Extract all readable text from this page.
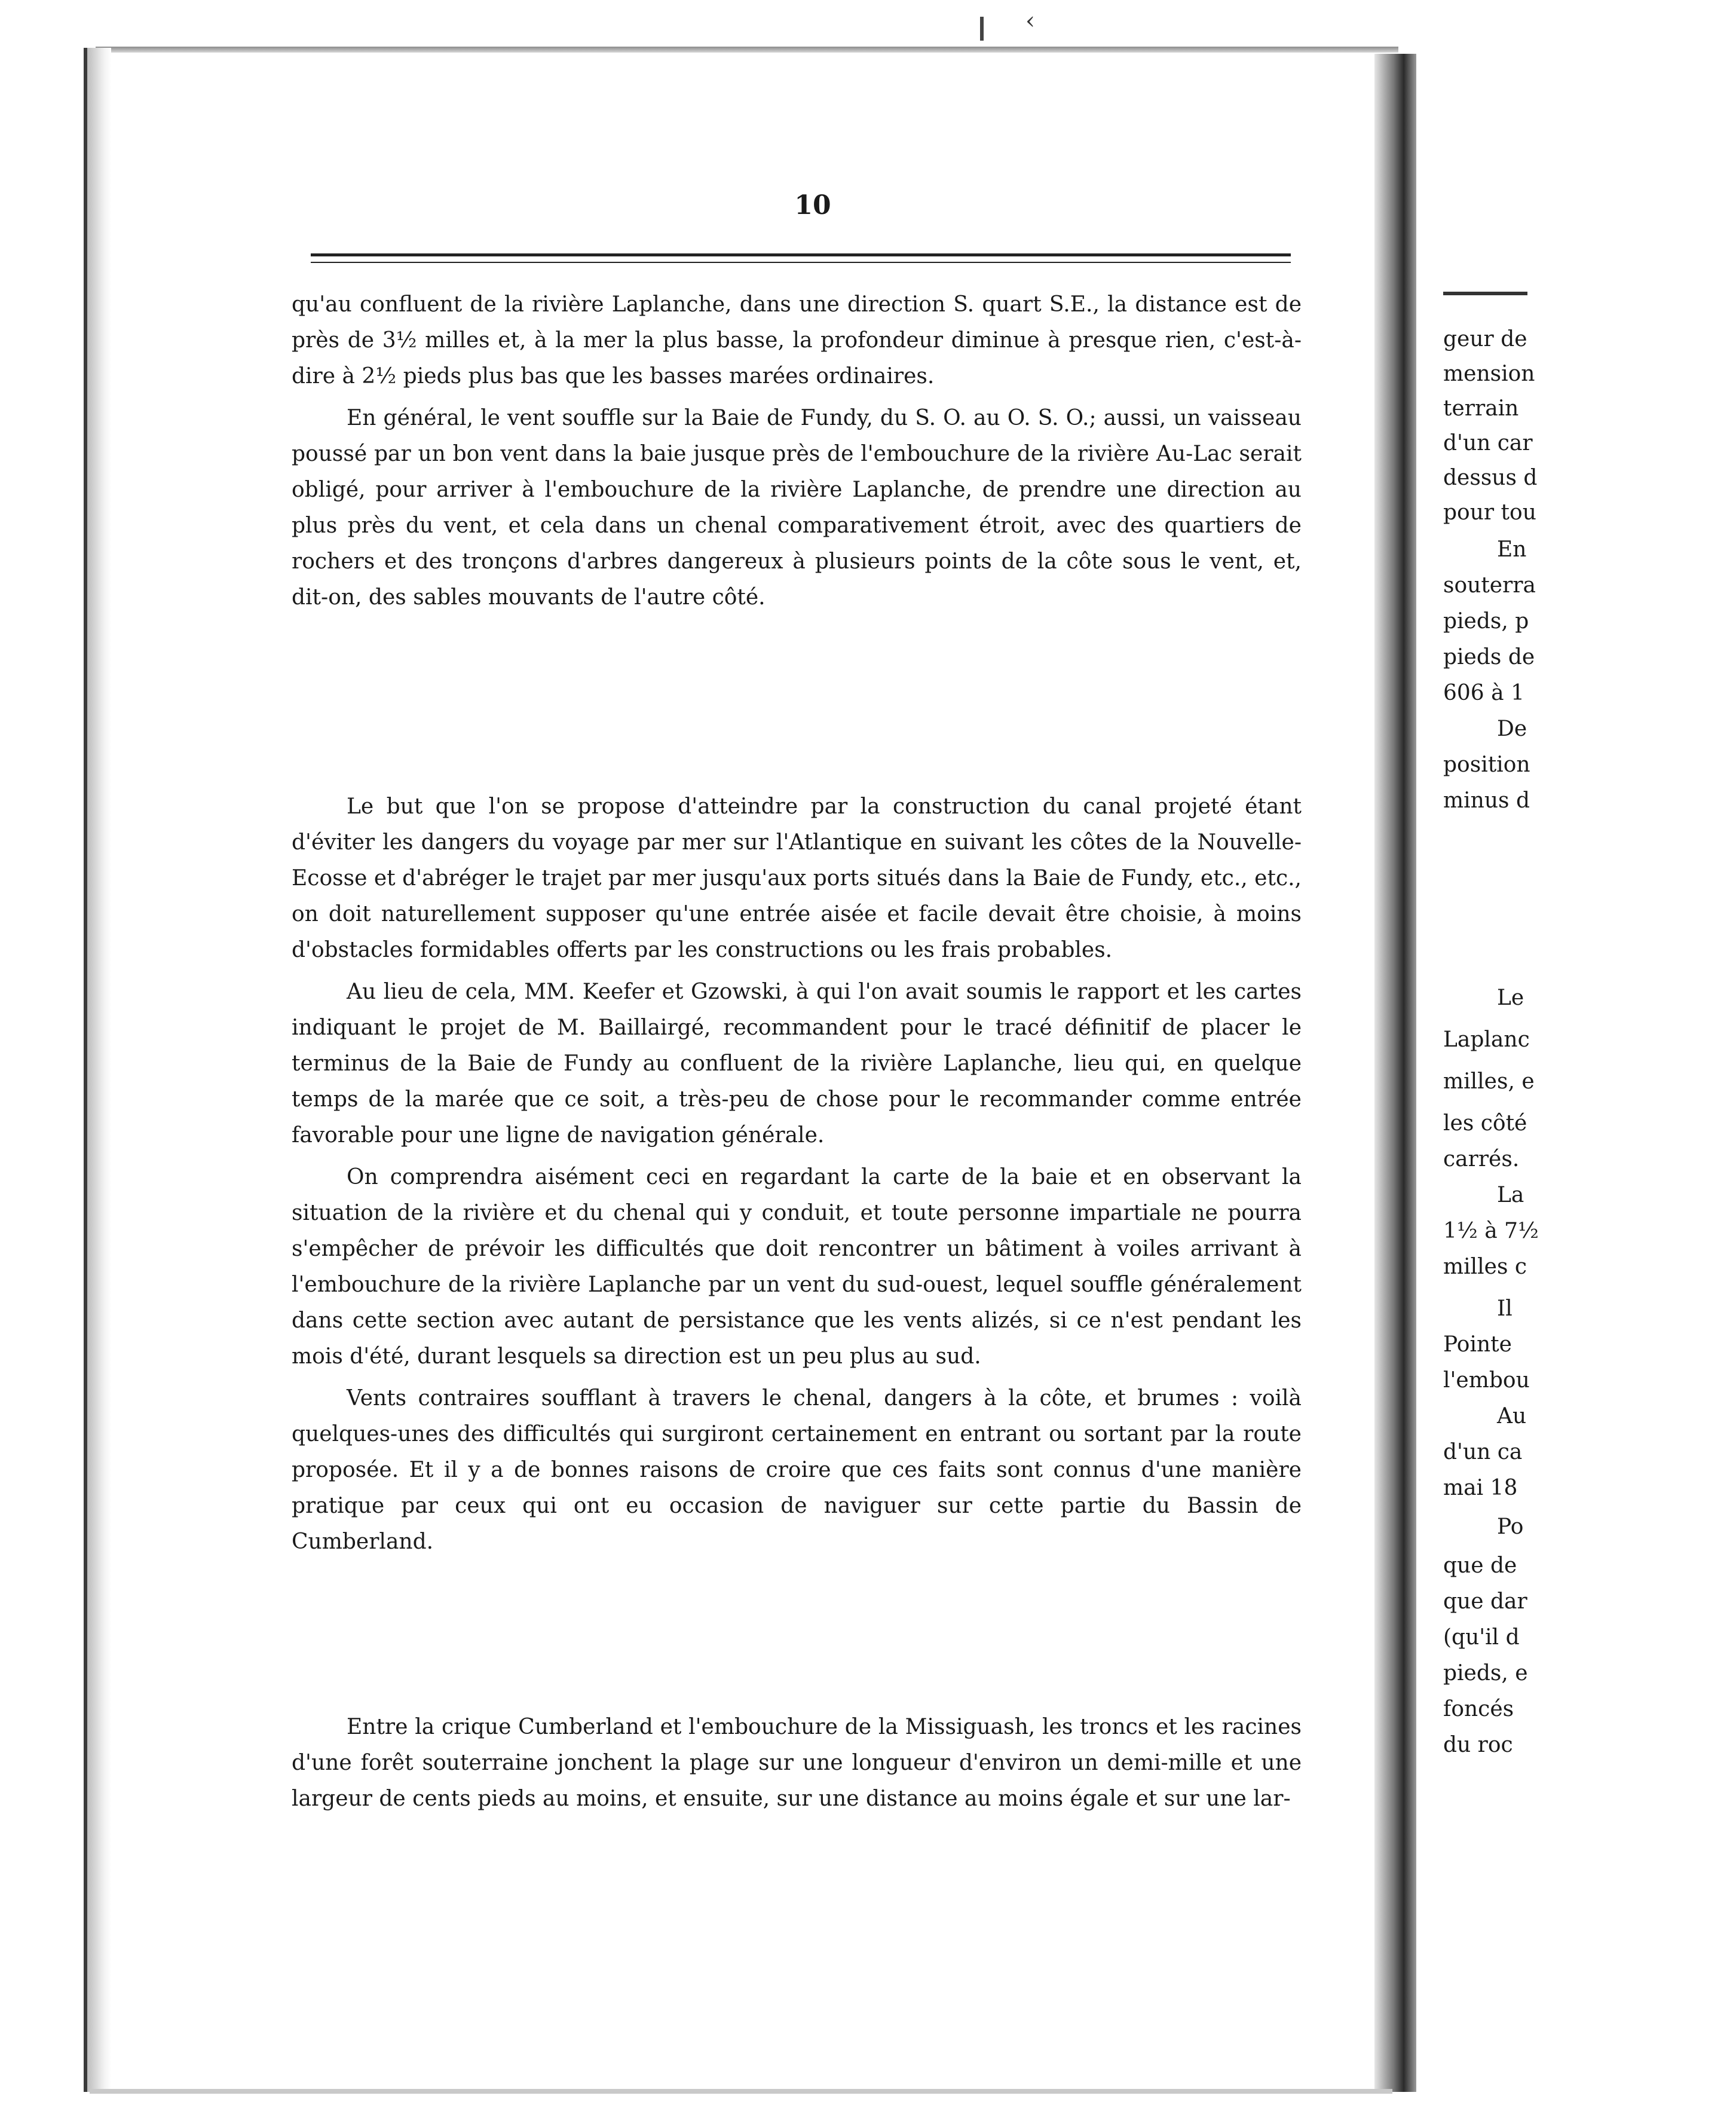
‹
10

qu'au confluent de la rivière Laplanche, dans une direction S. quart S.E., la distance est de près de 3½ milles et, à la mer la plus basse, la profondeur diminue à presque rien, c'est-à-dire à 2½ pieds plus bas que les basses marées ordinaires.

En général, le vent souffle sur la Baie de Fundy, du S. O. au O. S. O.; aussi, un vaisseau poussé par un bon vent dans la baie jusque près de l'embouchure de la rivière Au-Lac serait obligé, pour arriver à l'embouchure de la rivière Laplanche, de prendre une direction au plus près du vent, et cela dans un chenal comparativement étroit, avec des quartiers de rochers et des tronçons d'arbres dangereux à plusieurs points de la côte sous le vent, et, dit-on, des sables mouvants de l'autre côté.

Le but que l'on se propose d'atteindre par la construction du canal projeté étant d'éviter les dangers du voyage par mer sur l'Atlantique en suivant les côtes de la Nouvelle-Ecosse et d'abréger le trajet par mer jusqu'aux ports situés dans la Baie de Fundy, etc., etc., on doit naturellement supposer qu'une entrée aisée et facile devait être choisie, à moins d'obstacles formidables offerts par les constructions ou les frais probables.

Au lieu de cela, MM. Keefer et Gzowski, à qui l'on avait soumis le rapport et les cartes indiquant le projet de M. Baillairgé, recommandent pour le tracé définitif de placer le terminus de la Baie de Fundy au confluent de la rivière Laplanche, lieu qui, en quelque temps de la marée que ce soit, a très-peu de chose pour le recommander comme entrée favorable pour une ligne de navigation générale.

On comprendra aisément ceci en regardant la carte de la baie et en observant la situation de la rivière et du chenal qui y conduit, et toute personne impartiale ne pourra s'empêcher de prévoir les difficultés que doit rencontrer un bâtiment à voiles arrivant à l'embouchure de la rivière Laplanche par un vent du sud-ouest, lequel souffle généralement dans cette section avec autant de persistance que les vents alizés, si ce n'est pendant les mois d'été, durant lesquels sa direction est un peu plus au sud.

Vents contraires soufflant à travers le chenal, dangers à la côte, et brumes : voilà quelques-unes des difficultés qui surgiront certainement en entrant ou sortant par la route proposée. Et il y a de bonnes raisons de croire que ces faits sont connus d'une manière pratique par ceux qui ont eu occasion de naviguer sur cette partie du Bassin de Cumberland.

Entre la crique Cumberland et l'embouchure de la Missiguash, les troncs et les racines d'une forêt souterraine jonchent la plage sur une longueur d'environ un demi-mille et une largeur de cents pieds au moins, et ensuite, sur une distance au moins égale et sur une lar-

geur de
mension
terrain
d'un car
dessus d
pour tou
En
souterra
pieds, p
pieds de
606 à 1
De
position
minus d
Le
Laplanc
milles, e
les côté
carrés.
La
1½ à 7½
milles c
Il
Pointe
l'embou
Au
d'un ca
mai 18
Po
que de
que dar
(qu'il d
pieds, e
foncés
du roc
